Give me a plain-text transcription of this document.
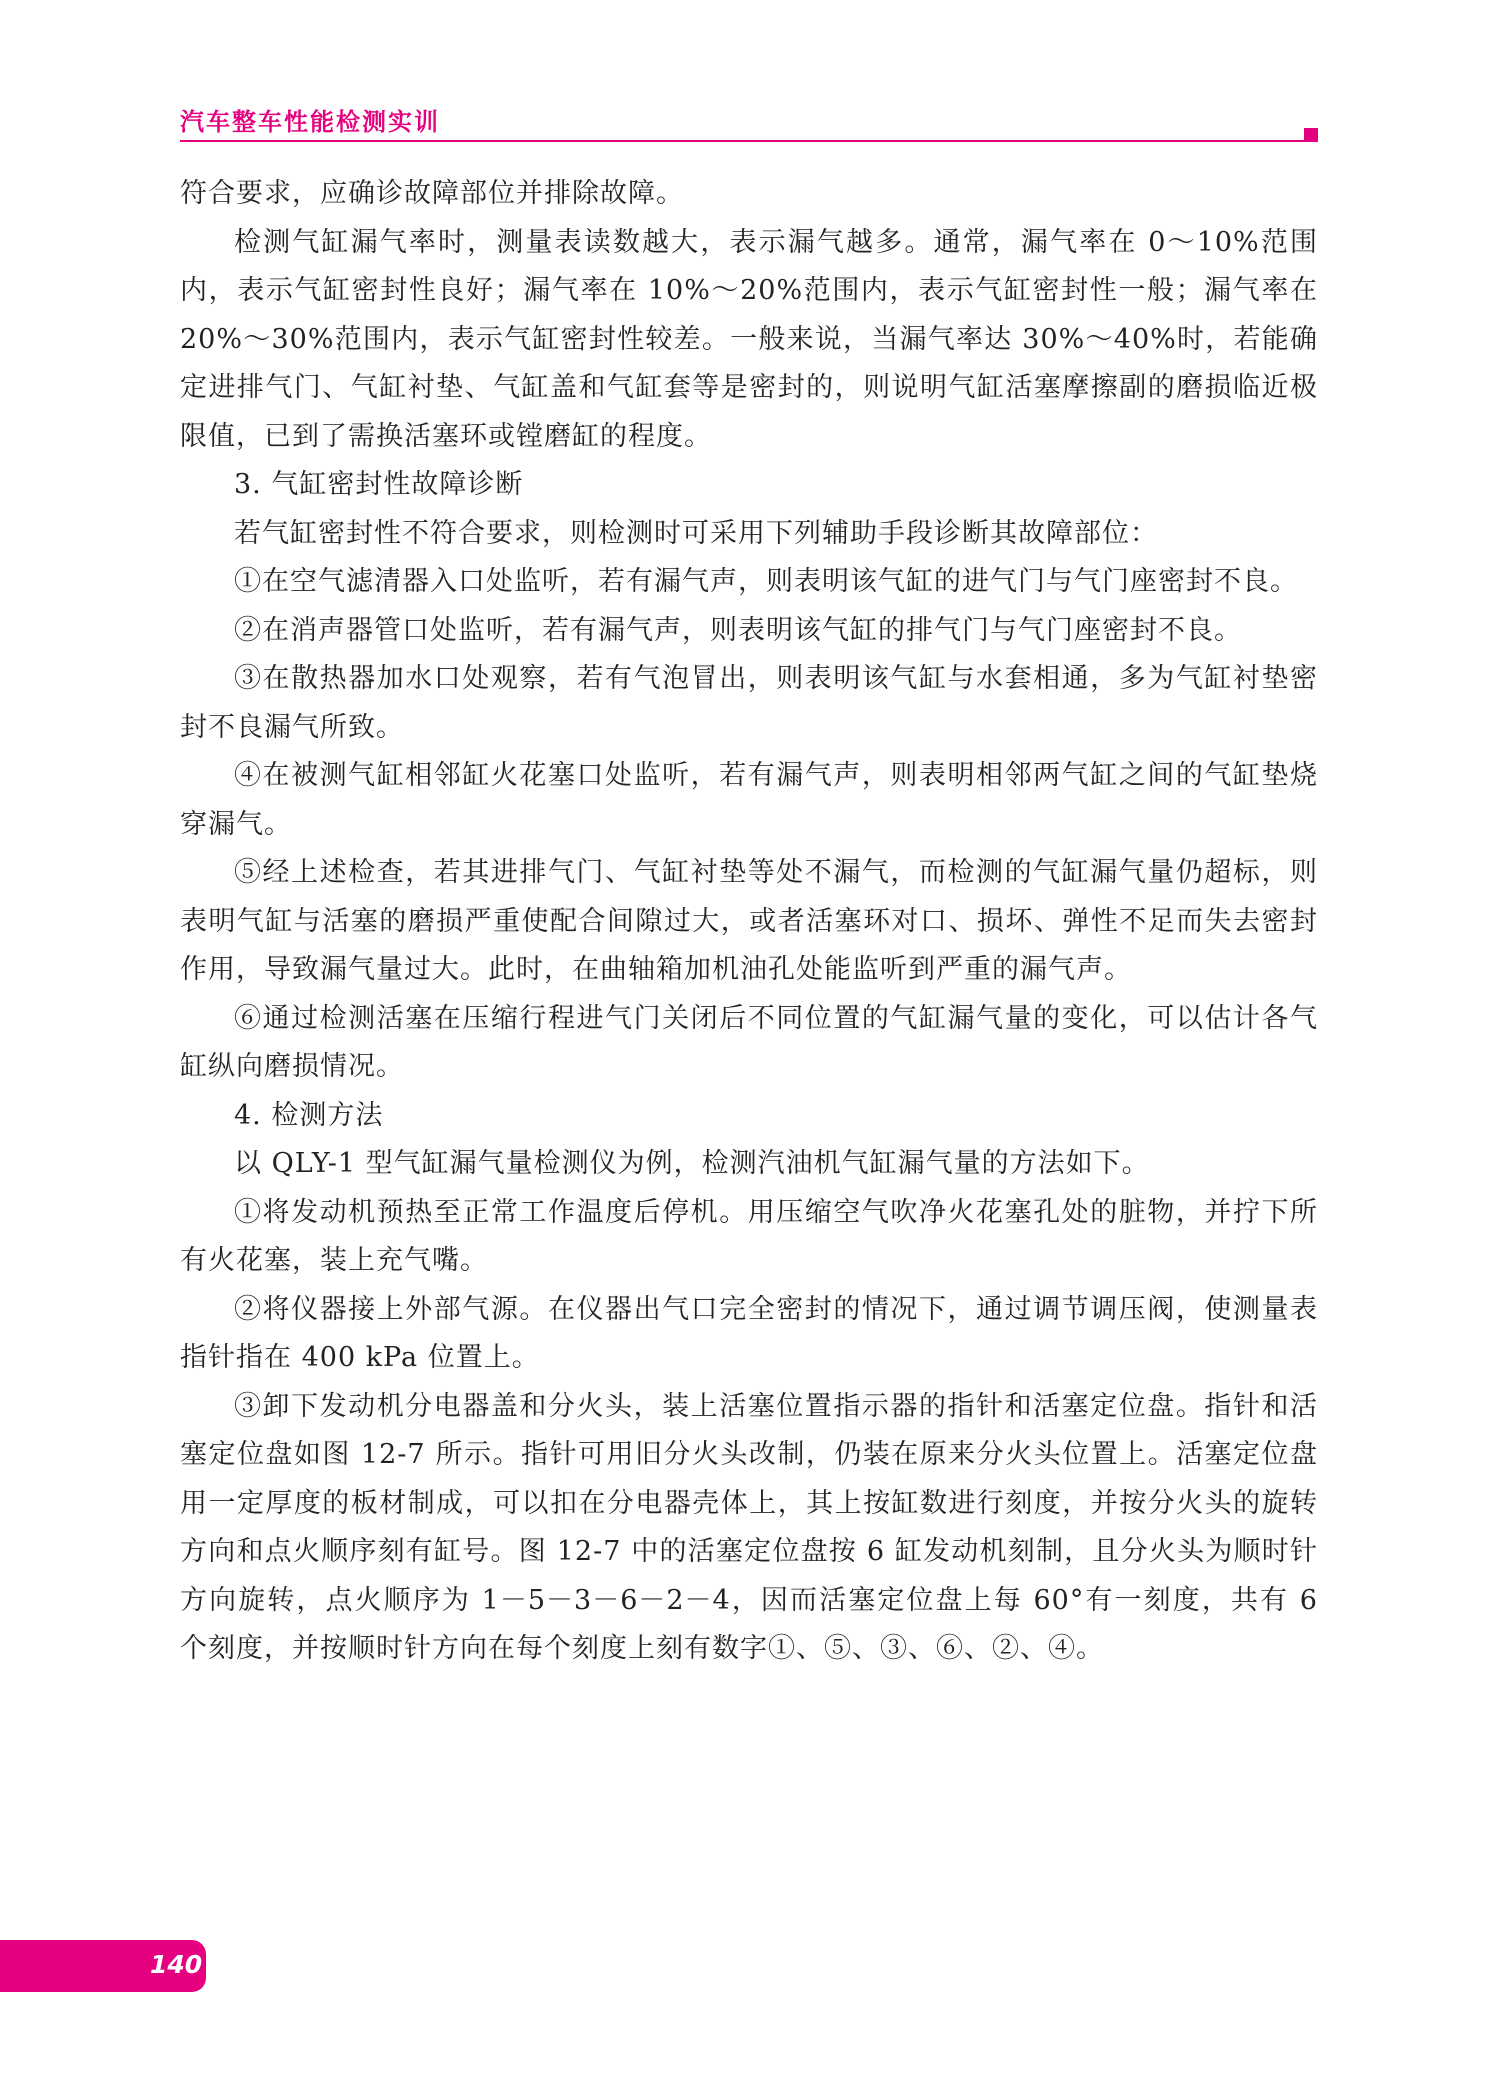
汽车整车性能检测实训

符合要求，应确诊故障部位并排除故障。

检测气缸漏气率时，测量表读数越大，表示漏气越多。通常，漏气率在 0～10%范围内，表示气缸密封性良好；漏气率在 10%～20%范围内，表示气缸密封性一般；漏气率在 20%～30%范围内，表示气缸密封性较差。一般来说，当漏气率达 30%～40%时，若能确定进排气门、气缸衬垫、气缸盖和气缸套等是密封的，则说明气缸活塞摩擦副的磨损临近极限值，已到了需换活塞环或镗磨缸的程度。

3. 气缸密封性故障诊断

若气缸密封性不符合要求，则检测时可采用下列辅助手段诊断其故障部位：

①在空气滤清器入口处监听，若有漏气声，则表明该气缸的进气门与气门座密封不良。

②在消声器管口处监听，若有漏气声，则表明该气缸的排气门与气门座密封不良。

③在散热器加水口处观察，若有气泡冒出，则表明该气缸与水套相通，多为气缸衬垫密封不良漏气所致。

④在被测气缸相邻缸火花塞口处监听，若有漏气声，则表明相邻两气缸之间的气缸垫烧穿漏气。

⑤经上述检查，若其进排气门、气缸衬垫等处不漏气，而检测的气缸漏气量仍超标，则表明气缸与活塞的磨损严重使配合间隙过大，或者活塞环对口、损坏、弹性不足而失去密封作用，导致漏气量过大。此时，在曲轴箱加机油孔处能监听到严重的漏气声。

⑥通过检测活塞在压缩行程进气门关闭后不同位置的气缸漏气量的变化，可以估计各气缸纵向磨损情况。

4. 检测方法

以 QLY-1 型气缸漏气量检测仪为例，检测汽油机气缸漏气量的方法如下。

①将发动机预热至正常工作温度后停机。用压缩空气吹净火花塞孔处的脏物，并拧下所有火花塞，装上充气嘴。

②将仪器接上外部气源。在仪器出气口完全密封的情况下，通过调节调压阀，使测量表指针指在 400 kPa 位置上。

③卸下发动机分电器盖和分火头，装上活塞位置指示器的指针和活塞定位盘。指针和活塞定位盘如图 12-7 所示。指针可用旧分火头改制，仍装在原来分火头位置上。活塞定位盘用一定厚度的板材制成，可以扣在分电器壳体上，其上按缸数进行刻度，并按分火头的旋转方向和点火顺序刻有缸号。图 12-7 中的活塞定位盘按 6 缸发动机刻制，且分火头为顺时针方向旋转，点火顺序为 1－5－3－6－2－4，因而活塞定位盘上每 60°有一刻度，共有 6 个刻度，并按顺时针方向在每个刻度上刻有数字①、⑤、③、⑥、②、④。

140
